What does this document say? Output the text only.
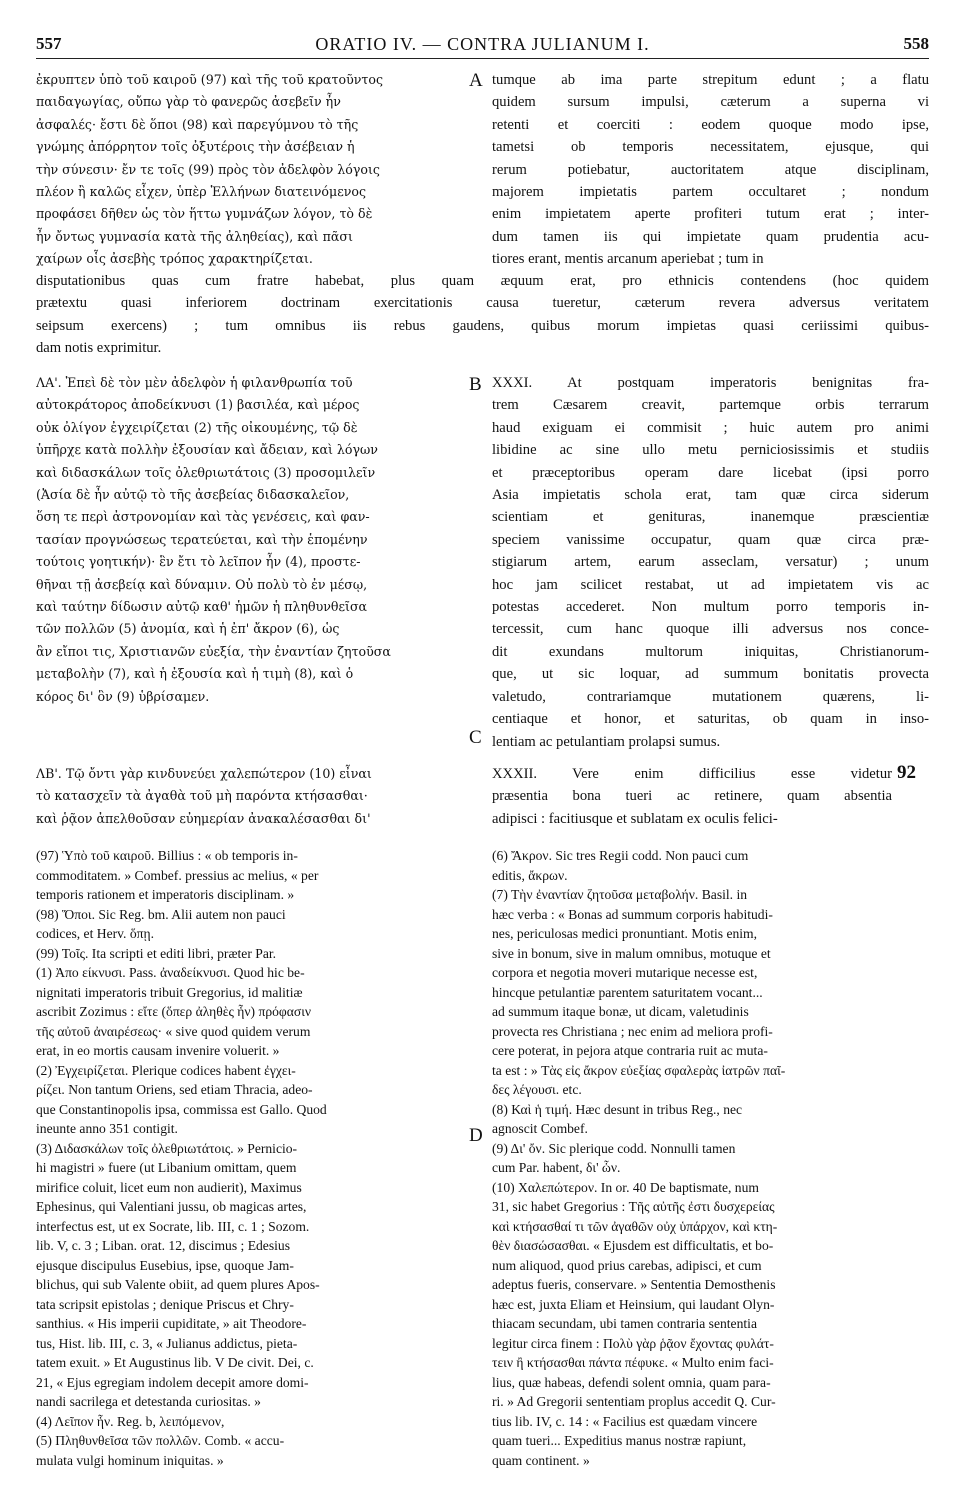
557	ORATIO IV. — CONTRA JULIANUM I.	558
ἐκρυπτεν ὑπὸ τοῦ καιροῦ (97) καὶ τῆς τοῦ κρατοῦντος
παιδαγωγίας, οὔπω γὰρ τὸ φανερῶς ἀσεβεῖν ἦν
ἀσφαλές· ἔστι δὲ ὅποι (98) καὶ παρεγύμνου τὸ τῆς
γνώμης ἀπόρρητον τοῖς ὀξυτέροις τὴν ἀσέβειαν ἡ
τὴν σύνεσιν· ἔν τε τοῖς (99) πρὸς τὸν ἀδελφὸν λόγοις
πλέον ἢ καλῶς εἶχεν, ὑπὲρ Ἑλλήνων διατεινόμενος
προφάσει δῆθεν ὡς τὸν ἥττω γυμνάζων λόγον, τὸ δὲ
ἦν ὄντως γυμνασία κατὰ τῆς ἀληθείας), καὶ πᾶσι
χαίρων οἷς ἀσεβὴς τρόπος χαρακτηρίζεται.
A tumque ab ima parte strepitum edunt ; a flatu
quidem sursum impulsi, cæterum a superna vi
retenti et coerciti : eodem quoque modo ipse,
tametsi ob temporis necessitatem, ejusque, qui
rerum potiebatur, auctoritatem atque disciplinam,
majorem impietatis partem occultaret ; nondum
enim impietatem aperte profiteri tutum erat ; inter-
dum tamen iis qui impietate quam prudentia acu-
tiores erant, mentis arcanum aperiebat ; tum in
disputationibus quas cum fratre habebat, plus quam æquum erat, pro ethnicis contendens (hoc quidem
prætextu quasi inferiorem doctrinam exercitationis causa tueretur, cæterum revera adversus veritatem
seipsum exercens) ; tum omnibus iis rebus gaudens, quibus morum impietas quasi ceriissimi quibus-
dam notis exprimitur.
ΛΑ'. Ἐπεὶ δὲ τὸν μὲν ἀδελφὸν ἡ φιλανθρωπία τοῦ
αὐτοκράτορος ἀποδείκνυσι (1) βασιλέα, καὶ μέρος
οὐκ ὀλίγον ἐγχειρίζεται (2) τῆς οἰκουμένης, τῷ δὲ
ὑπῆρχε κατὰ πολλὴν ἐξουσίαν καὶ ἄδειαν, καὶ λόγων
καὶ διδασκάλων τοῖς ὀλεθριωτάτοις (3) προσομιλεῖν
(Ἀσία δὲ ἦν αὐτῷ τὸ τῆς ἀσεβείας διδασκαλεῖον,
ὅση τε περὶ ἀστρονομίαν καὶ τὰς γενέσεις, καὶ φαν-
τασίαν προγνώσεως τερατεύεται, καὶ τὴν ἑπομένην
τούτοις γοητικήν)· ἓν ἔτι τὸ λεῖπον ἦν (4), προστε-
θῆναι τῇ ἀσεβείᾳ καὶ δύναμιν. Οὐ πολὺ τὸ ἐν μέσῳ,
καὶ ταύτην δίδωσιν αὐτῷ καθ' ἡμῶν ἡ πληθυνθεῖσα
τῶν πολλῶν (5) ἀνομία, καὶ ἡ ἐπ' ἄκρον (6), ὡς
ἂν εἴποι τις, Χριστιανῶν εὐεξία, τὴν ἐναντίαν ζητοῦσα
μεταβολὴν (7), καὶ ἡ ἐξουσία καὶ ἡ τιμὴ (8), καὶ ὁ
κόρος δι' ὃν (9) ὑβρίσαμεν.
B XXXI. At postquam imperatoris benignitas fra-
trem Cæsarem creavit, partemque orbis terrarum
haud exiguam ei commisit ; huic autem pro animi
libidine ac sine ullo metu perniciosissimis et studiis
et præceptoribus operam dare licebat (ipsi porro
Asia impietatis schola erat, tam quæ circa siderum
scientiam et genituras, inanemque præscientiæ
speciem vanissime occupatur, quam quæ circa præ-
stigiarum artem, earum asseclam, versatur) ; unum
hoc jam scilicet restabat, ut ad impietatem vis ac
potestas accederet. Non multum porro temporis in-
tercessit, cum hanc quoque illi adversus nos conce-
dit exundans multorum iniquitas, Christianorum-
que, ut sic loquar, ad summum bonitatis provecta
valetudo, contrariamque mutationem quærens, li-
centiaque et honor, et saturitas, ob quam in inso-
lentiam ac petulantiam prolapsi sumus.
C
ΛΒ'. Τῷ ὄντι γὰρ κινδυνεύει χαλεπώτερον (10) εἶναι
τὸ κατασχεῖν τὰ ἀγαθὰ τοῦ μὴ παρόντα κτήσασθαι·
καὶ ῥᾷον ἀπελθοῦσαν εὐημερίαν ἀνακαλέσασθαι δι'
XXXII. Vere enim difficilius esse videtur
præsentia bona tueri ac retinere, quam absentia
adipisci : facitiusque et sublatam ex oculis felici-
92
(97) Ὑπὸ τοῦ καιροῦ. Billius : « ob temporis in-
commoditatem. » Combef. pressius ac melius, « per
temporis rationem et imperatoris disciplinam. »
(98) Ὅποι. Sic Reg. bm. Alii autem non pauci
codices, et Herv. ὅπῃ.
(99) Τοῖς. Ita scripti et editi libri, præter Par.
(1) Ἀπο είκνυσι. Pass. ἀναδείκνυσι. Quod hic be-
nignitati imperatoris tribuit Gregorius, id malitiæ
ascribit Zozimus : εἴτε (ὅπερ ἀληθὲς ἦν) πρόφασιν
τῆς αὐτοῦ ἀναιρέσεως· « sive quod quidem verum
erat, in eo mortis causam invenire voluerit. »
(2) Ἐγχειρίζεται. Plerique codices habent ἐγχει-
ρίζει. Non tantum Oriens, sed etiam Thracia, adeo-
que Constantinopolis ipsa, commissa est Gallo. Quod
ineunte anno 351 contigit.
(3) Διδασκάλων τοῖς ὀλεθριωτάτοις. » Pernicio-
hi magistri » fuere (ut Libanium omittam, quem
mirifice coluit, licet eum non audierit), Maximus
Ephesinus, qui Valentiani jussu, ob magicas artes,
interfectus est, ut ex Socrate, lib. III, c. 1 ; Sozom.
lib. V, c. 3 ; Liban. orat. 12, discimus ; Edesius
ejusque discipulus Eusebius, ipse, quoque Jam-
blichus, qui sub Valente obiit, ad quem plures Apos-
tata scripsit epistolas ; denique Priscus et Chry-
santhius. « His imperii cupiditate, » ait Theodore-
tus, Hist. lib. III, c. 3, « Julianus addictus, pieta-
tatem exuit. » Et Augustinus lib. V De civit. Dei, c.
21, « Ejus egregiam indolem decepit amore domi-
nandi sacrilega et detestanda curiositas. »
(4) Λεῖπον ἦν. Reg. b, λειπόμενον,
(5) Πληθυνθεῖσα τῶν πολλῶν. Comb. « accu-
mulata vulgi hominum iniquitas. »
D
(6) Ἄκρον. Sic tres Regii codd. Non pauci cum
editis, ἄκρων.
(7) Τὴν ἐναντίαν ζητοῦσα μεταβολήν. Basil. in
hæc verba : « Bonas ad summum corporis habitudi-
nes, periculosas medici pronuntiant. Motis enim,
sive in bonum, sive in malum omnibus, motuque et
corpora et negotia moveri mutarique necesse est,
hincque petulantiæ parentem saturitatem vocant...
ad summum itaque bonæ, ut dicam, valetudinis
provecta res Christiana ; nec enim ad meliora profi-
cere poterat, in pejora atque contraria ruit ac muta-
ta est : » Τὰς εἰς ἄκρον εὐεξίας σφαλερὰς ἰατρῶν παῖ-
δες λέγουσι. etc.
(8) Καὶ ἡ τιμή. Hæc desunt in tribus Reg., nec
agnoscit Combef.
(9) Δι' ὄν. Sic plerique codd. Nonnulli tamen
cum Par. habent, δι' ὧν.
(10) Χαλεπώτερον. In or. 40 De baptismate, num
31, sic habet Gregorius : Τῆς αὐτῆς ἐστι δυσχερείας
καὶ κτήσασθαί τι τῶν ἀγαθῶν οὐχ ὑπάρχον, καὶ κτη-
θὲν διασώσασθαι. « Ejusdem est difficultatis, et bo-
num aliquod, quod prius carebas, adipisci, et cum
adeptus fueris, conservare. » Sententia Demosthenis
hæc est, juxta Eliam et Heinsium, qui laudant Olyn-
thiacam secundam, ubi tamen contraria sententia
legitur circa finem : Πολὺ γὰρ ῥᾷον ἔχοντας φυλάτ-
τειν ἢ κτήσασθαι πάντα πέφυκε. « Multo enim faci-
lius, quæ habeas, defendi solent omnia, quam para-
ri. » Ad Gregorii sententiam proplus accedit Q. Cur-
tius lib. IV, c. 14 : « Facilius est quædam vincere
quam tueri... Expeditius manus nostræ rapiunt,
quam continent. »
